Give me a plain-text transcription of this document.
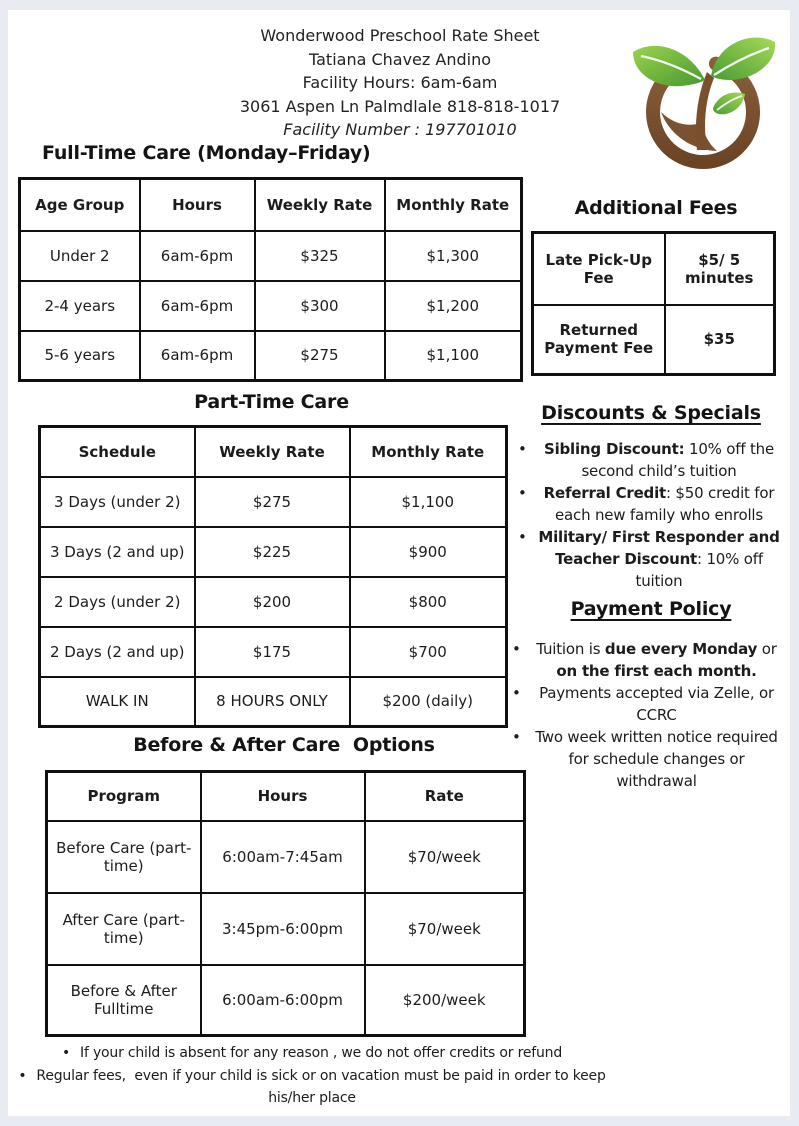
Wonderwood Preschool Rate Sheet
Tatiana Chavez Andino
Facility Hours: 6am-6am
3061 Aspen Ln Palmdlale 818-818-1017
Facility Number : 197701010
Full-Time Care (Monday–Friday)
Age Group	Hours	Weekly Rate	Monthly Rate
Under 2	6am-6pm	$325	$1,300
2-4 years	6am-6pm	$300	$1,200
5-6 years	6am-6pm	$275	$1,100
Additional Fees
Late Pick-Up Fee	$5/ 5 minutes
Returned Payment Fee	$35
Part-Time Care
Schedule	Weekly Rate	Monthly Rate
3 Days (under 2)	$275	$1,100
3 Days (2 and up)	$225	$900
2 Days (under 2)	$200	$800
2 Days (2 and up)	$175	$700
WALK IN	8 HOURS ONLY	$200 (daily)
Discounts & Specials
•	Sibling Discount: 10% off the second child’s tuition
•	Referral Credit: $50 credit for each new family who enrolls
• Military/ First Responder and Teacher Discount: 10% off tuition
Payment Policy
•	Tuition is due every Monday or on the first each month.
•	Payments accepted via Zelle, or CCRC
• Two week written notice required for schedule changes or withdrawal
Before & After Care  Options
Program	Hours	Rate
Before Care (part-time)	6:00am-7:45am	$70/week
After Care (part-time)	3:45pm-6:00pm	$70/week
Before & After Fulltime	6:00am-6:00pm	$200/week
• If your child is absent for any reason , we do not offer credits or refund
• Regular fees,  even if your child is sick or on vacation must be paid in order to keep his/her place
